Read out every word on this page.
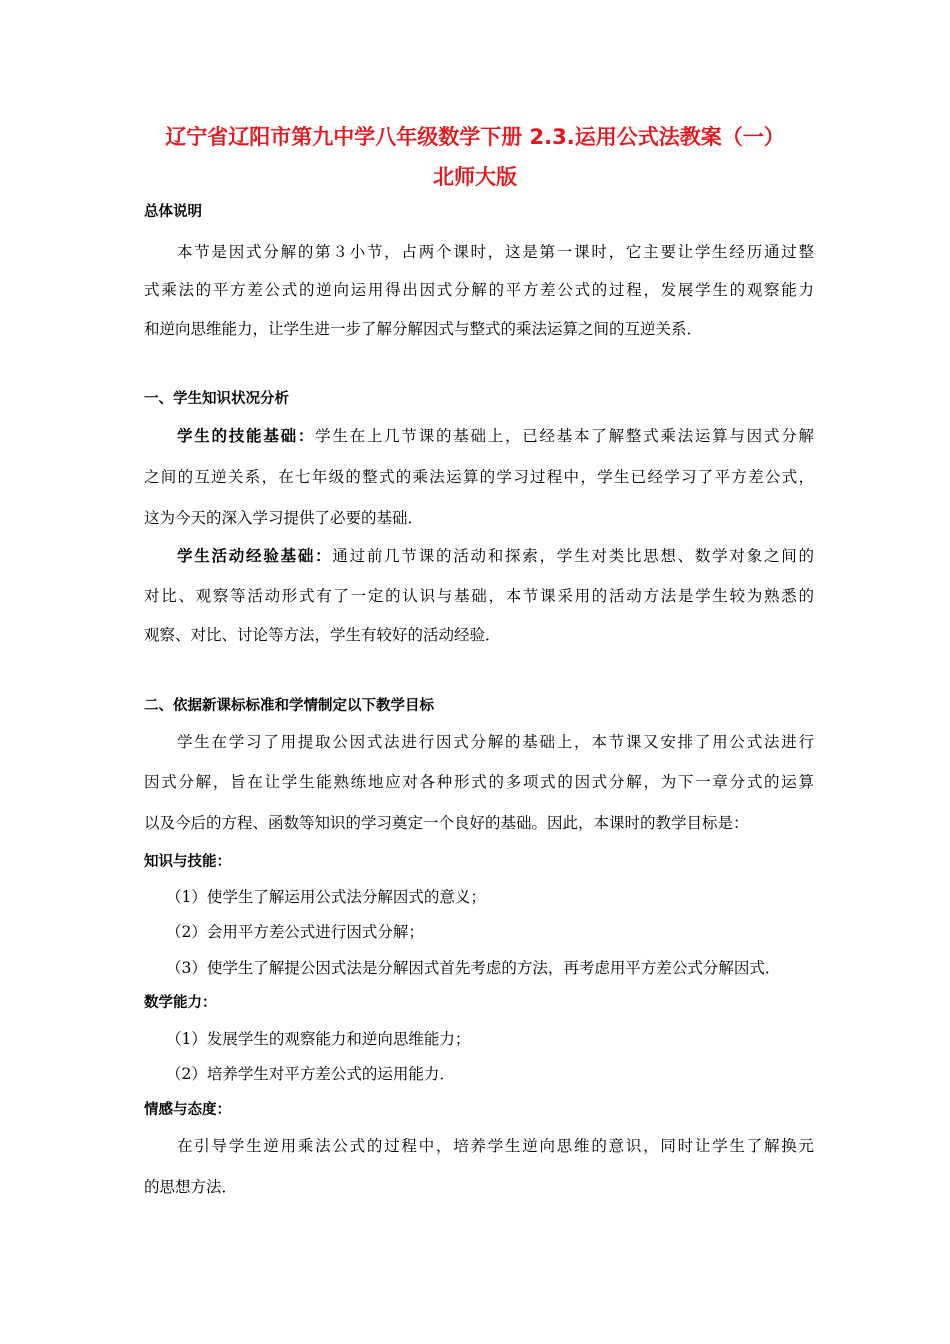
辽宁省辽阳市第九中学八年级数学下册 2.3.运用公式法教案（一）
北师大版
总体说明
本节是因式分解的第３小节，占两个课时，这是第一课时，它主要让学生经历通过整
式乘法的平方差公式的逆向运用得出因式分解的平方差公式的过程，发展学生的观察能力
和逆向思维能力，让学生进一步了解分解因式与整式的乘法运算之间的互逆关系．
一、学生知识状况分析
学生的技能基础：学生在上几节课的基础上，已经基本了解整式乘法运算与因式分解
之间的互逆关系，在七年级的整式的乘法运算的学习过程中，学生已经学习了平方差公式，
这为今天的深入学习提供了必要的基础．
学生活动经验基础：通过前几节课的活动和探索，学生对类比思想、数学对象之间的
对比、观察等活动形式有了一定的认识与基础，本节课采用的活动方法是学生较为熟悉的
观察、对比、讨论等方法，学生有较好的活动经验．
二、依据新课标标准和学情制定以下教学目标
学生在学习了用提取公因式法进行因式分解的基础上，本节课又安排了用公式法进行
因式分解，旨在让学生能熟练地应对各种形式的多项式的因式分解，为下一章分式的运算
以及今后的方程、函数等知识的学习奠定一个良好的基础。因此，本课时的教学目标是：
知识与技能：
（1）使学生了解运用公式法分解因式的意义；
（2）会用平方差公式进行因式分解；
（3）使学生了解提公因式法是分解因式首先考虑的方法，再考虑用平方差公式分解因式．
数学能力：
（1）发展学生的观察能力和逆向思维能力；
（2）培养学生对平方差公式的运用能力．
情感与态度：
在引导学生逆用乘法公式的过程中，培养学生逆向思维的意识，同时让学生了解换元
的思想方法．
